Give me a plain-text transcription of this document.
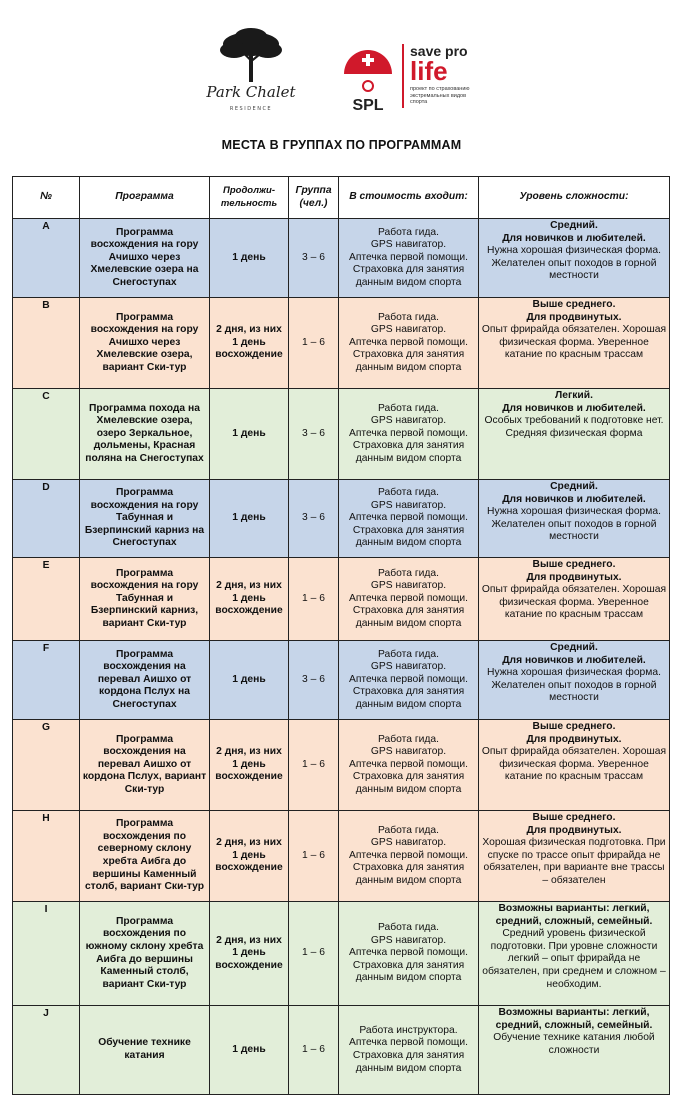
Park Chalet
RESIDENCE	SPL
save pro
life
проект по страхованию экстремальных видов спорта
МЕСТА В ГРУППАХ ПО ПРОГРАММАМ
№	Программа	Продолжи-тельность	Группа (чел.)	В стоимость входит:	Уровень сложности:
A	Программа восхождения на гору Ачишхо через Хмелевские озера на Снегоступах	1 день	3 – 6	Работа гида.
GPS навигатор.
Аптечка первой помощи.
Страховка для занятия данным видом спорта	Средний.
Для новичков и любителей.
Нужна хорошая физическая форма. Желателен опыт походов в горной местности

B	Программа восхождения на гору Ачишхо через Хмелевские озера, вариант Ски-тур	2 дня, из них 1 день восхождение	1 – 6	Работа гида.
GPS навигатор.
Аптечка первой помощи.
Страховка для занятия данным видом спорта	Выше среднего.
Для продвинутых.
Опыт фрирайда обязателен. Хорошая физическая форма. Уверенное катание по красным трассам

C	Программа похода на Хмелевские озера, озеро Зеркальное, дольмены, Красная поляна на Снегоступах	1 день	3 – 6	Работа гида.
GPS навигатор.
Аптечка первой помощи.
Страховка для занятия данным видом спорта	Легкий.
Для новичков и любителей.
Особых требований к подготовке нет. Средняя физическая форма

D	Программа восхождения на гору Табунная и Бзерпинский карниз на Снегоступах	1 день	3 – 6	Работа гида.
GPS навигатор.
Аптечка первой помощи.
Страховка для занятия данным видом спорта	Средний.
Для новичков и любителей.
Нужна хорошая физическая форма. Желателен опыт походов в горной местности

E	Программа восхождения на гору Табунная и Бзерпинский карниз, вариант Ски-тур	2 дня, из них 1 день восхождение	1 – 6	Работа гида.
GPS навигатор.
Аптечка первой помощи.
Страховка для занятия данным видом спорта	Выше среднего.
Для продвинутых.
Опыт фрирайда обязателен. Хорошая физическая форма. Уверенное катание по красным трассам

F	Программа восхождения на перевал Аишхо от кордона Пслух на Снегоступах	1 день	3 – 6	Работа гида.
GPS навигатор.
Аптечка первой помощи.
Страховка для занятия данным видом спорта	Средний.
Для новичков и любителей.
Нужна хорошая физическая форма. Желателен опыт походов в горной местности

G	Программа восхождения на перевал Аишхо от кордона Пслух, вариант Ски-тур	2 дня, из них 1 день восхождение	1 – 6	Работа гида.
GPS навигатор.
Аптечка первой помощи.
Страховка для занятия данным видом спорта	Выше среднего.
Для продвинутых.
Опыт фрирайда обязателен. Хорошая физическая форма. Уверенное катание по красным трассам

H	Программа восхождения по северному склону хребта Аибга до вершины Каменный столб, вариант Ски-тур	2 дня, из них 1 день восхождение	1 – 6	Работа гида.
GPS навигатор.
Аптечка первой помощи.
Страховка для занятия данным видом спорта	Выше среднего.
Для продвинутых.
Хорошая физическая подготовка. При спуске по трассе опыт фрирайда не обязателен, при варианте вне трассы – обязателен

I	Программа восхождения по южному склону хребта Аибга до вершины Каменный столб, вариант Ски-тур	2 дня, из них 1 день восхождение	1 – 6	Работа гида.
GPS навигатор.
Аптечка первой помощи.
Страховка для занятия данным видом спорта	Возможны варианты: легкий, средний, сложный, семейный.
Средний уровень физической подготовки. При уровне сложности легкий – опыт фрирайда не обязателен, при среднем и сложном – необходим.

J	Обучение технике катания	1 день	1 – 6	Работа инструктора.
Аптечка первой помощи.
Страховка для занятия данным видом спорта	Возможны варианты: легкий, средний, сложный, семейный.
Обучение технике катания любой сложности
